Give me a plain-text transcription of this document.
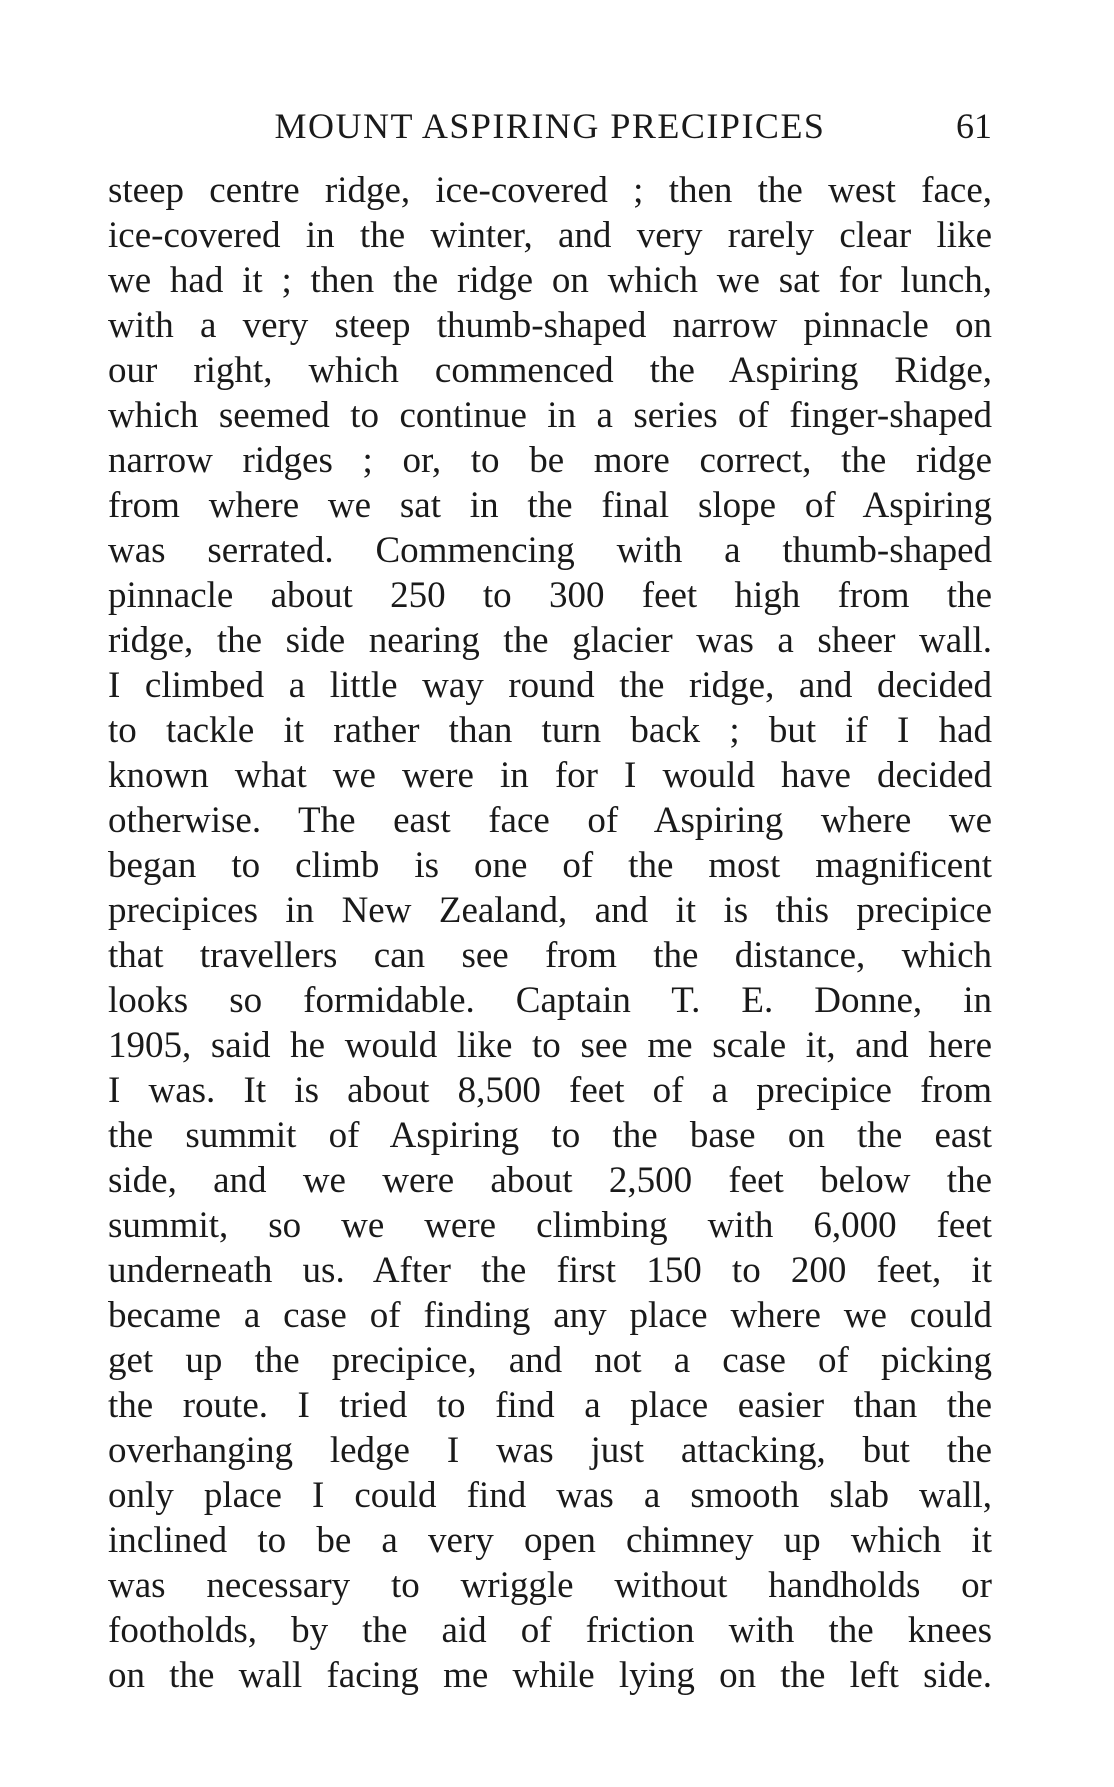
MOUNT ASPIRING PRECIPICES	61
steep centre ridge, ice-covered ; then the west face,
ice-covered in the winter, and very rarely clear like
we had it ; then the ridge on which we sat for lunch,
with a very steep thumb-shaped narrow pinnacle on
our right, which commenced the Aspiring Ridge,
which seemed to continue in a series of finger-shaped
narrow ridges ; or, to be more correct, the ridge
from where we sat in the final slope of Aspiring
was serrated. Commencing with a thumb-shaped
pinnacle about 250 to 300 feet high from the
ridge, the side nearing the glacier was a sheer wall.
I climbed a little way round the ridge, and decided
to tackle it rather than turn back ; but if I had
known what we were in for I would have decided
otherwise. The east face of Aspiring where we
began to climb is one of the most magnificent
precipices in New Zealand, and it is this precipice
that travellers can see from the distance, which
looks so formidable. Captain T. E. Donne, in
1905, said he would like to see me scale it, and here
I was. It is about 8,500 feet of a precipice from
the summit of Aspiring to the base on the east
side, and we were about 2,500 feet below the
summit, so we were climbing with 6,000 feet
underneath us. After the first 150 to 200 feet, it
became a case of finding any place where we could
get up the precipice, and not a case of picking
the route. I tried to find a place easier than the
overhanging ledge I was just attacking, but the
only place I could find was a smooth slab wall,
inclined to be a very open chimney up which it
was necessary to wriggle without handholds or
footholds, by the aid of friction with the knees
on the wall facing me while lying on the left side.
